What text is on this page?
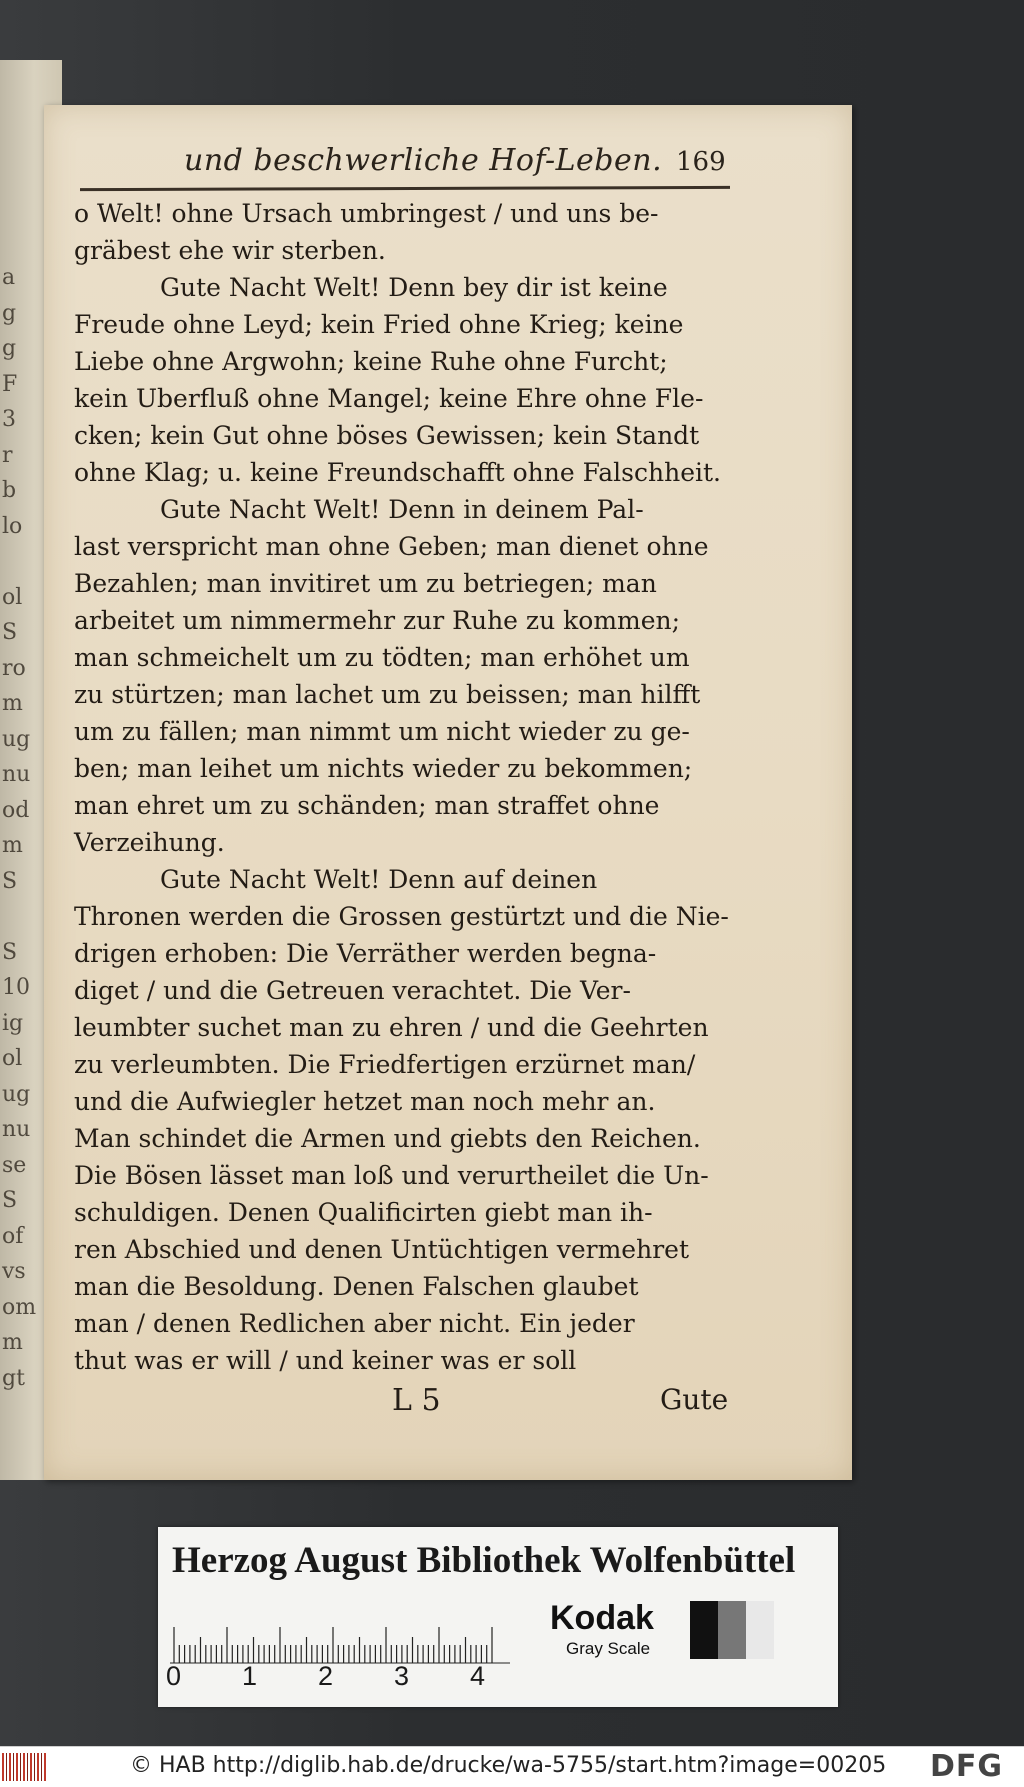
a
g
g
F
3
r
b
lo
ol
S
ro
m
ug
nu
od
m
S
S
10
ig
ol
ug
nu
se
S
of
vs
om
m
gt
und beschwerliche Hof-Leben. 169
o Welt! ohne Ursach umbringest / und uns be-
gräbest ehe wir sterben.
Gute Nacht Welt! Denn bey dir ist keine
Freude ohne Leyd; kein Fried ohne Krieg; keine
Liebe ohne Argwohn; keine Ruhe ohne Furcht;
kein Uberfluß ohne Mangel; keine Ehre ohne Fle-
cken; kein Gut ohne böses Gewissen; kein Standt
ohne Klag; u. keine Freundschafft ohne Falschheit.
Gute Nacht Welt! Denn in deinem Pal-
last verspricht man ohne Geben; man dienet ohne
Bezahlen; man invitiret um zu betriegen; man
arbeitet um nimmermehr zur Ruhe zu kommen;
man schmeichelt um zu tödten; man erhöhet um
zu stürtzen; man lachet um zu beissen; man hilfft
um zu fällen; man nimmt um nicht wieder zu ge-
ben; man leihet um nichts wieder zu bekommen;
man ehret um zu schänden; man straffet ohne
Verzeihung.
Gute Nacht Welt! Denn auf deinen
Thronen werden die Grossen gestürtzt und die Nie-
drigen erhoben: Die Verräther werden begna-
diget / und die Getreuen verachtet. Die Ver-
leumbter suchet man zu ehren / und die Geehrten
zu verleumbten. Die Friedfertigen erzürnet man/
und die Aufwiegler hetzet man noch mehr an.
Man schindet die Armen und giebts den Reichen.
Die Bösen lässet man loß und verurtheilet die Un-
schuldigen. Denen Qualificirten giebt man ih-
ren Abschied und denen Untüchtigen vermehret
man die Besoldung. Denen Falschen glaubet
man / denen Redlichen aber nicht. Ein jeder
thut was er will / und keiner was er soll
L 5	Gute
Herzog August Bibliothek Wolfenbüttel
0 1 2 3 4
Kodak
Gray Scale
© HAB http://diglib.hab.de/drucke/wa-5755/start.htm?image=00205 DFG
